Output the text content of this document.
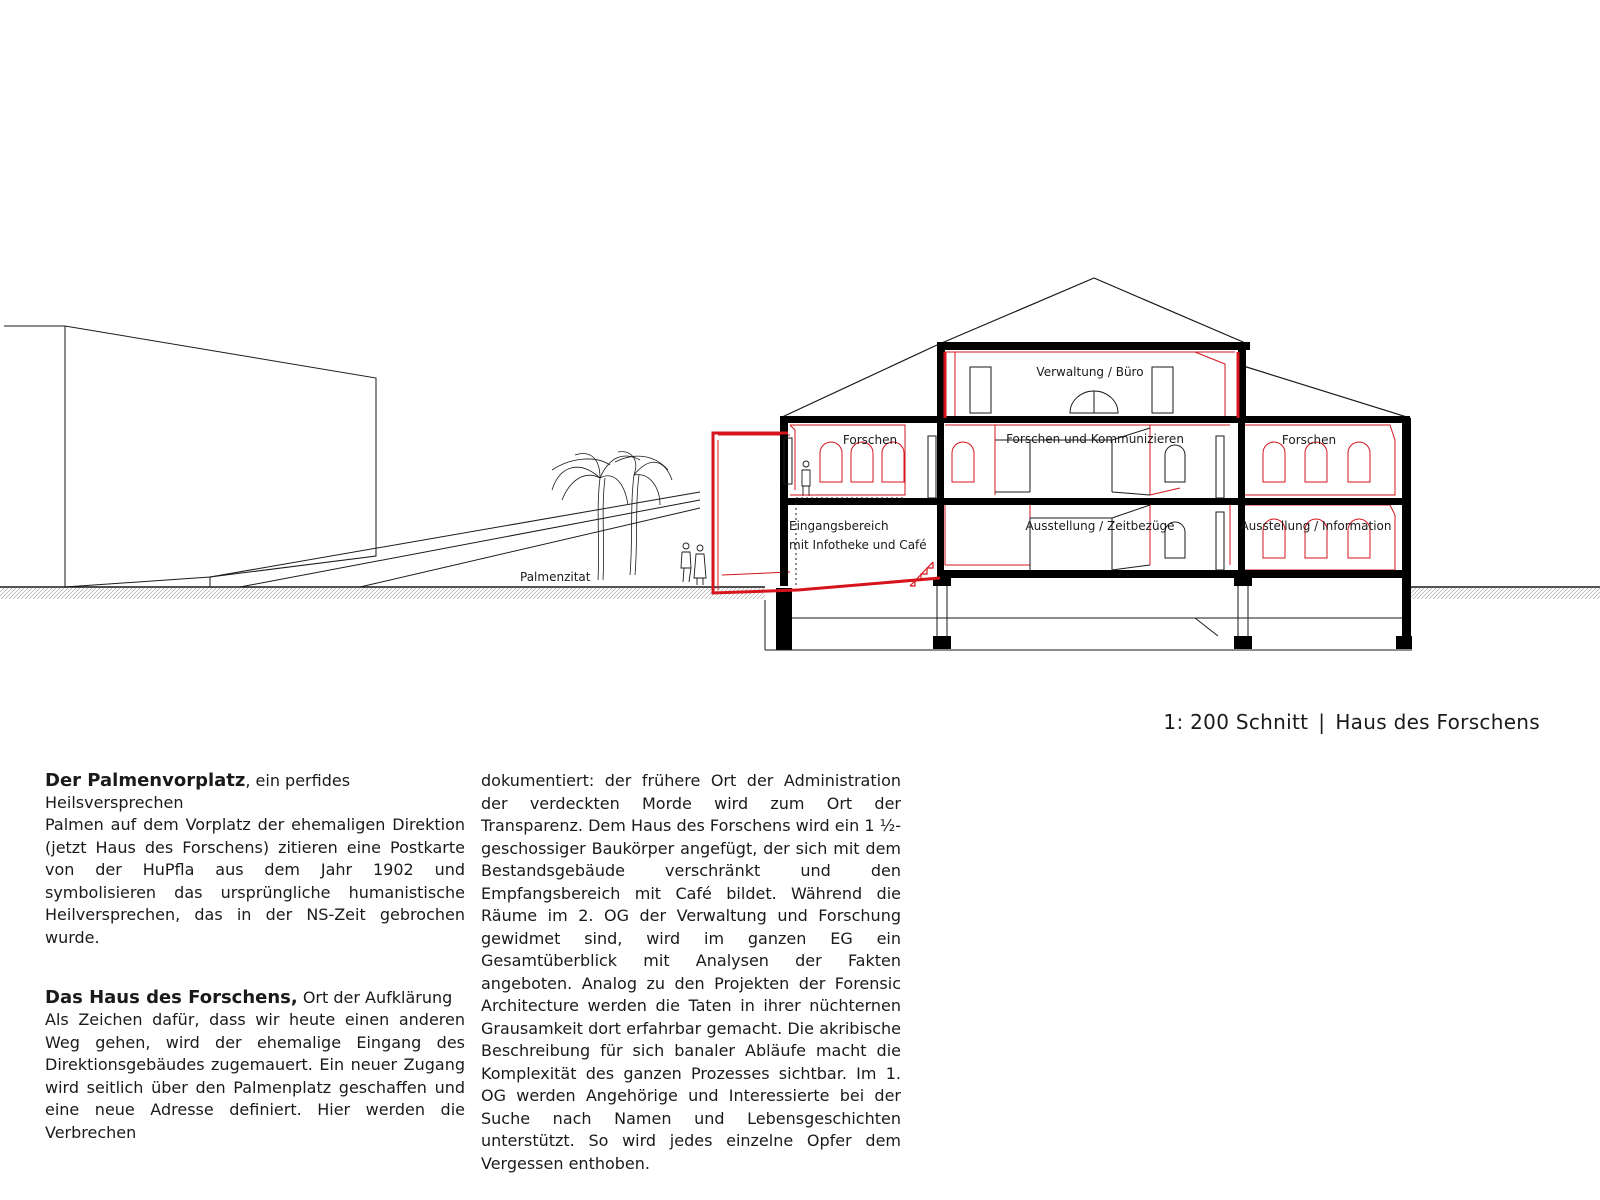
Verwaltung / Büro
Forschen	Forschen und Kommunizieren	Forschen
Eingangsbereich
mit Infotheke und Café
Ausstellung / Zeitbezüge	Ausstellung / Information
Palmenzitat
1: 200 Schnitt | Haus des Forschens

Der Palmenvorplatz, ein perfides Heilsversprechen

Palmen auf dem Vorplatz der ehemaligen Direktion (jetzt Haus des Forschens) zitieren eine Postkarte von der HuPfla aus dem Jahr 1902 und symbolisieren das ursprüngliche humanistische Heilversprechen, das in der NS-Zeit gebrochen wurde.

Das Haus des Forschens, Ort der Aufklärung

Als Zeichen dafür, dass wir heute einen anderen Weg gehen, wird der ehemalige Eingang des Direktionsgebäudes zugemauert. Ein neuer Zugang wird seitlich über den Palmenplatz geschaffen und eine neue Adresse definiert. Hier werden die Verbrechen

dokumentiert: der frühere Ort der Administration der verdeckten Morde wird zum Ort der Transparenz. Dem Haus des Forschens wird ein 1 ½-geschossiger Baukörper angefügt, der sich mit dem Bestandsgebäude verschränkt und den Empfangsbereich mit Café bildet. Während die Räume im 2. OG der Verwaltung und Forschung gewidmet sind, wird im ganzen EG ein Gesamtüberblick mit Analysen der Fakten angeboten. Analog zu den Projekten der Forensic Architecture werden die Taten in ihrer nüchternen Grausamkeit dort erfahrbar gemacht. Die akribische Beschreibung für sich banaler Abläufe macht die Komplexität des ganzen Prozesses sichtbar. Im 1. OG werden Angehörige und Interessierte bei der Suche nach Namen und Lebensgeschichten unterstützt. So wird jedes einzelne Opfer dem Vergessen enthoben.
